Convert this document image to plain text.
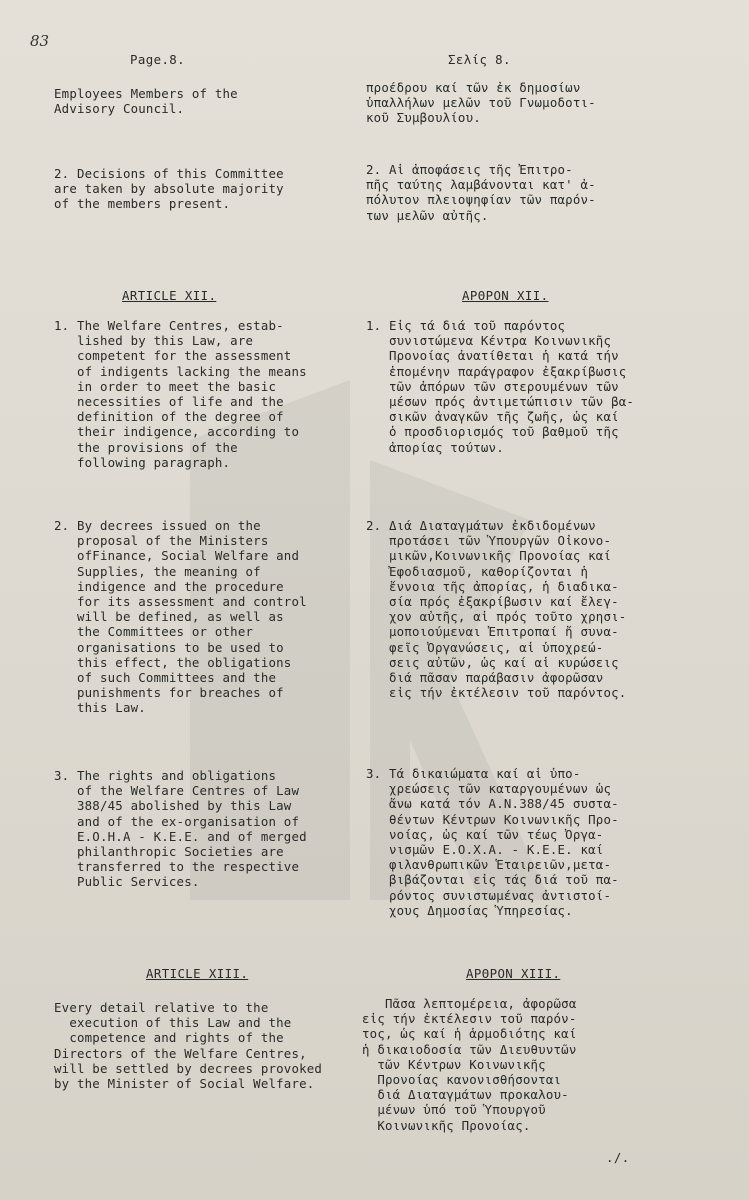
83
Page.8.	Σελίς 8.
Employees Members of the
Advisory Council.
προέδρου καί τῶν ἐκ δημοσίων
ὑπαλλήλων μελῶν τοῦ Γνωμοδοτι-
κοῦ Συμβουλίου.
2. Decisions of this Committee
are taken by absolute majority
of the members present.
2. Αἱ ἀποφάσεις τῆς Ἐπιτρο-
πῆς ταύτης λαμβάνονται κατ' ἀ-
πόλυτον πλειοψηφίαν τῶν παρόν-
των μελῶν αὐτῆς.
ARTICLE XII.	ΑΡΘΡΟΝ XII.
1. The Welfare Centres, estab-
lished by this Law, are
competent for the assessment
of indigents lacking the means
in order to meet the basic
necessities of life and the
definition of the degree of
their indigence, according to
the provisions of the
following paragraph.
1. Εἰς τά διά τοῦ παρόντος
συνιστώμενα Κέντρα Κοινωνικῆς
Προνοίας ἀνατίθεται ἡ κατά τήν
ἑπομένην παράγραφον ἐξακρίβωσις
τῶν ἀπόρων τῶν στερουμένων τῶν
μέσων πρός ἀντιμετώπισιν τῶν βα-
σικῶν ἀναγκῶν τῆς ζωῆς, ὡς καί
ὁ προσδιορισμός τοῦ βαθμοῦ τῆς
ἀπορίας τούτων.
2. By decrees issued on the
proposal of the Ministers
ofFinance, Social Welfare and
Supplies, the meaning of
indigence and the procedure
for its assessment and control
will be defined, as well as
the Committees or other
organisations to be used to
this effect, the obligations
of such Committees and the
punishments for breaches of
this Law.
2. Διά Διαταγμάτων ἐκδιδομένων
προτάσει τῶν Ὑπουργῶν Οἰκονο-
μικῶν,Κοινωνικῆς Προνοίας καί
Ἐφοδιασμοῦ, καθορίζονται ἡ
ἔννοια τῆς ἀπορίας, ἡ διαδικα-
σία πρός ἐξακρίβωσιν καί ἔλεγ-
χον αὐτῆς, αἱ πρός τοῦτο χρησι-
μοποιούμεναι Ἐπιτροπαί ἤ συνα-
φεῖς Ὀργανώσεις, αἱ ὑποχρεώ-
σεις αὐτῶν, ὡς καί αἱ κυρώσεις
διά πᾶσαν παράβασιν ἀφορῶσαν
εἰς τήν ἐκτέλεσιν τοῦ παρόντος.
3. The rights and obligations
of the Welfare Centres of Law
388/45 abolished by this Law
and of the ex-organisation of
E.O.H.A - K.E.E. and of merged
philanthropic Societies are
transferred to the respective
Public Services.
3. Τά δικαιώματα καί αἱ ὑπο-
χρεώσεις τῶν καταργουμένων ὡς
ἄνω κατά τόν Α.Ν.388/45 συστα-
θέντων Κέντρων Κοινωνικῆς Προ-
νοίας, ὡς καί τῶν τέως Ὀργα-
νισμῶν Ε.Ο.Χ.Α. - Κ.Ε.Ε. καί
φιλανθρωπικῶν Ἑταιρειῶν,μετα-
βιβάζονται εἰς τάς διά τοῦ πα-
ρόντος συνιστωμένας ἀντιστοί-
χους Δημοσίας Ὑπηρεσίας.
ARTICLE XIII.	ΑΡΘΡΟΝ XIII.
Every detail relative to the
execution of this Law and the
competence and rights of the
Directors of the Welfare Centres,
will be settled by decrees provoked
by the Minister of Social Welfare.
Πᾶσα λεπτομέρεια, ἀφορῶσα
εἰς τήν ἐκτέλεσιν τοῦ παρόν-
τος, ὡς καί ἡ ἁρμοδιότης καί
ἡ δικαιοδοσία τῶν Διευθυντῶν
τῶν Κέντρων Κοινωνικῆς
Προνοίας κανονισθήσονται
διά Διαταγμάτων προκαλου-
μένων ὑπό τοῦ Ὑπουργοῦ
Κοινωνικῆς Προνοίας.
./.
